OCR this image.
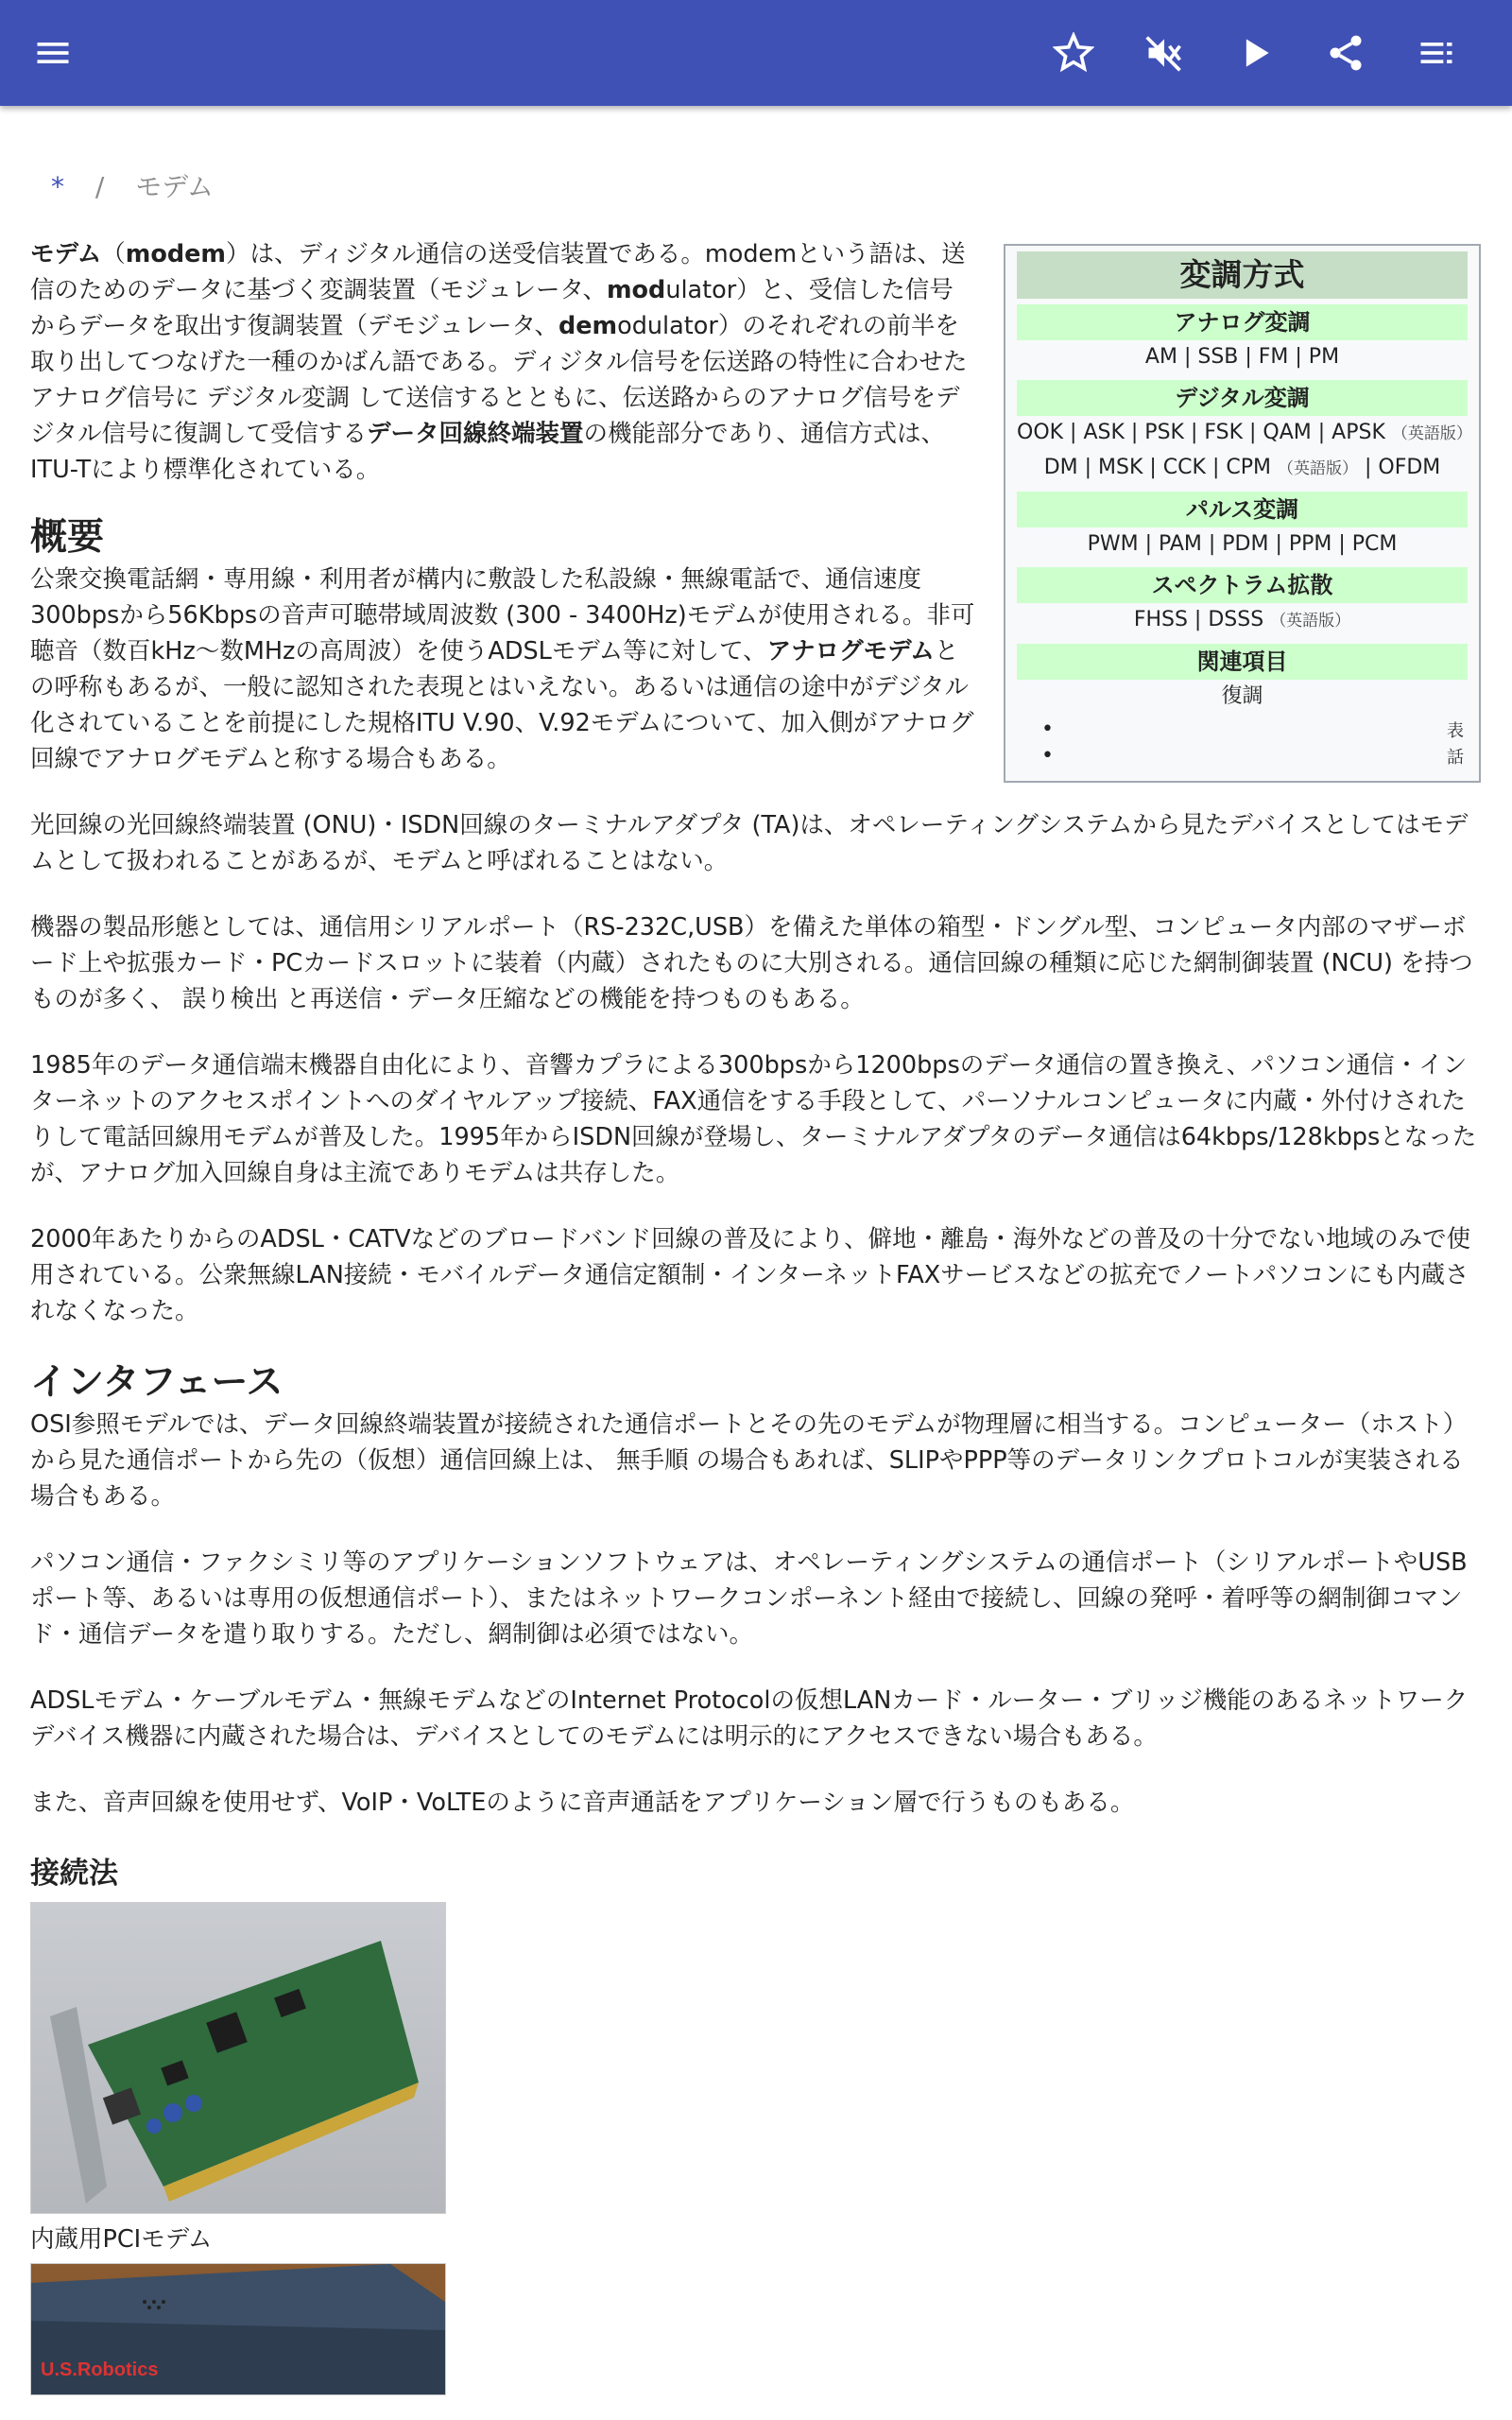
* / モデム
変調方式
アナログ変調
AM | SSB | FM | PM
デジタル変調
OOK | ASK | PSK | FSK | QAM | APSK （英語版）
DM | MSK | CCK | CPM （英語版） | OFDM
パルス変調
PWM | PAM | PDM | PPM | PCM
スペクトラム拡散
FHSS | DSSS （英語版）
関連項目
復調
•
•
表
話

モデム（modem）は、ディジタル通信の送受信装置である。modemという語は、送信のためのデータに基づく変調装置（モジュレータ、modulator）と、受信した信号からデータを取出す復調装置（デモジュレータ、demodulator）のそれぞれの前半を取り出してつなげた一種のかばん語である。ディジタル信号を伝送路の特性に合わせたアナログ信号に デジタル変調 して送信するとともに、伝送路からのアナログ信号をデジタル信号に復調して受信するデータ回線終端装置の機能部分であり、通信方式は、ITU-Tにより標準化されている。

概要

公衆交換電話網・専用線・利用者が構内に敷設した私設線・無線電話で、通信速度300bpsから56Kbpsの音声可聴帯域周波数 (300 - 3400Hz)モデムが使用される。非可聴音（数百kHz〜数MHzの高周波）を使うADSLモデム等に対して、アナログモデムとの呼称もあるが、一般に認知された表現とはいえない。あるいは通信の途中がデジタル化されていることを前提にした規格ITU V.90、V.92モデムについて、加入側がアナログ回線でアナログモデムと称する場合もある。

光回線の光回線終端装置 (ONU)・ISDN回線のターミナルアダプタ (TA)は、オペレーティングシステムから見たデバイスとしてはモデムとして扱われることがあるが、モデムと呼ばれることはない。

機器の製品形態としては、通信用シリアルポート（RS-232C,USB）を備えた単体の箱型・ドングル型、コンピュータ内部のマザーボード上や拡張カード・PCカードスロットに装着（内蔵）されたものに大別される。通信回線の種類に応じた網制御装置 (NCU) を持つものが多く、 誤り検出 と再送信・データ圧縮などの機能を持つものもある。

1985年のデータ通信端末機器自由化により、音響カプラによる300bpsから1200bpsのデータ通信の置き換え、パソコン通信・インターネットのアクセスポイントへのダイヤルアップ接続、FAX通信をする手段として、パーソナルコンピュータに内蔵・外付けされたりして電話回線用モデムが普及した。1995年からISDN回線が登場し、ターミナルアダプタのデータ通信は64kbps/128kbpsとなったが、アナログ加入回線自身は主流でありモデムは共存した。

2000年あたりからのADSL・CATVなどのブロードバンド回線の普及により、僻地・離島・海外などの普及の十分でない地域のみで使用されている。公衆無線LAN接続・モバイルデータ通信定額制・インターネットFAXサービスなどの拡充でノートパソコンにも内蔵されなくなった。

インタフェース

OSI参照モデルでは、データ回線終端装置が接続された通信ポートとその先のモデムが物理層に相当する。コンピューター（ホスト）から見た通信ポートから先の（仮想）通信回線上は、 無手順 の場合もあれば、SLIPやPPP等のデータリンクプロトコルが実装される場合もある。

パソコン通信・ファクシミリ等のアプリケーションソフトウェアは、オペレーティングシステムの通信ポート（シリアルポートやUSBポート等、あるいは専用の仮想通信ポート）、またはネットワークコンポーネント経由で接続し、回線の発呼・着呼等の網制御コマンド・通信データを遣り取りする。ただし、網制御は必須ではない。

ADSLモデム・ケーブルモデム・無線モデムなどのInternet Protocolの仮想LANカード・ルーター・ブリッジ機能のあるネットワークデバイス機器に内蔵された場合は、デバイスとしてのモデムには明示的にアクセスできない場合もある。

また、音声回線を使用せず、VoIP・VoLTEのように音声通話をアプリケーション層で行うものもある。

接続法
内蔵用PCIモデム
U.S.Robotics
